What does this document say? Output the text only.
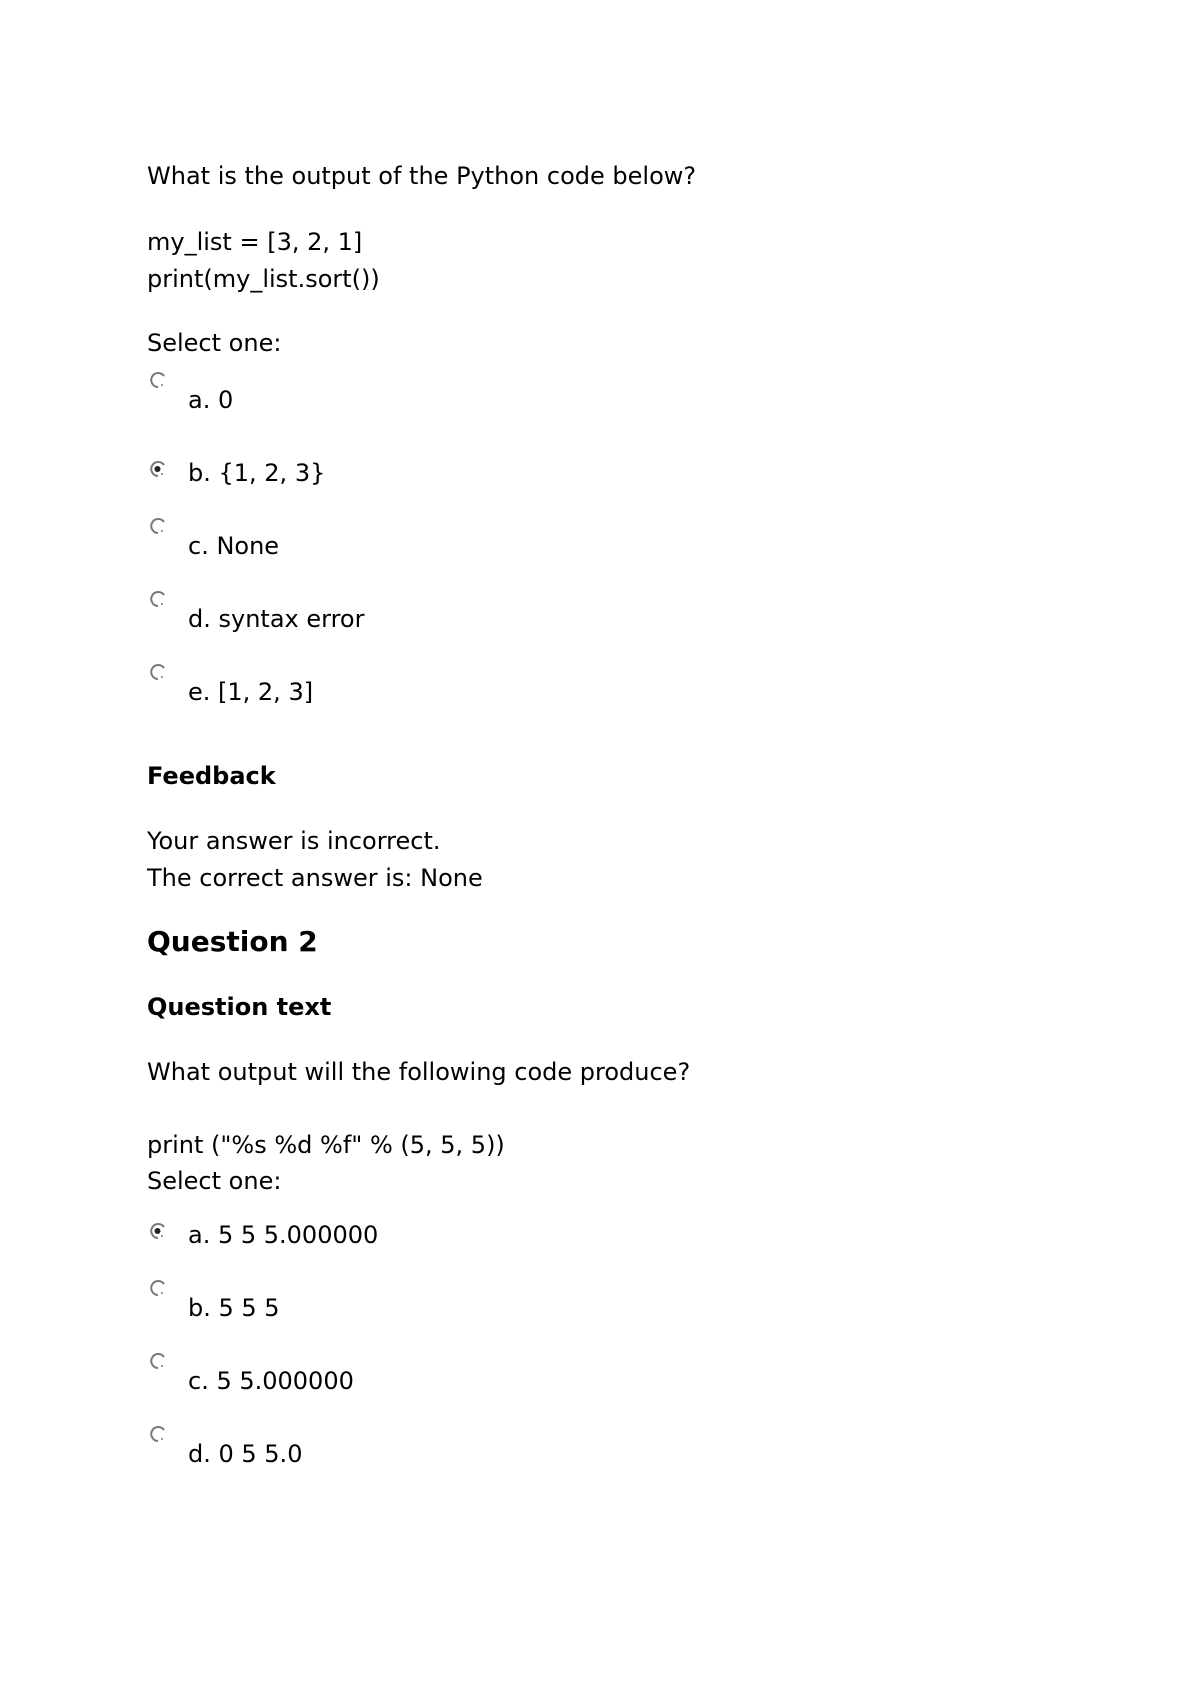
What is the output of the Python code below?
my_list = [3, 2, 1]
print(my_list.sort())
Select one:
a. 0
b. {1, 2, 3}
c. None
d. syntax error
e. [1, 2, 3]
Feedback
Your answer is incorrect.
The correct answer is: None
Question 2
Question text
What output will the following code produce?
print ("%s %d %f" % (5, 5, 5))
Select one:
a. 5 5 5.000000
b. 5 5 5
c. 5 5.000000
d. 0 5 5.0
